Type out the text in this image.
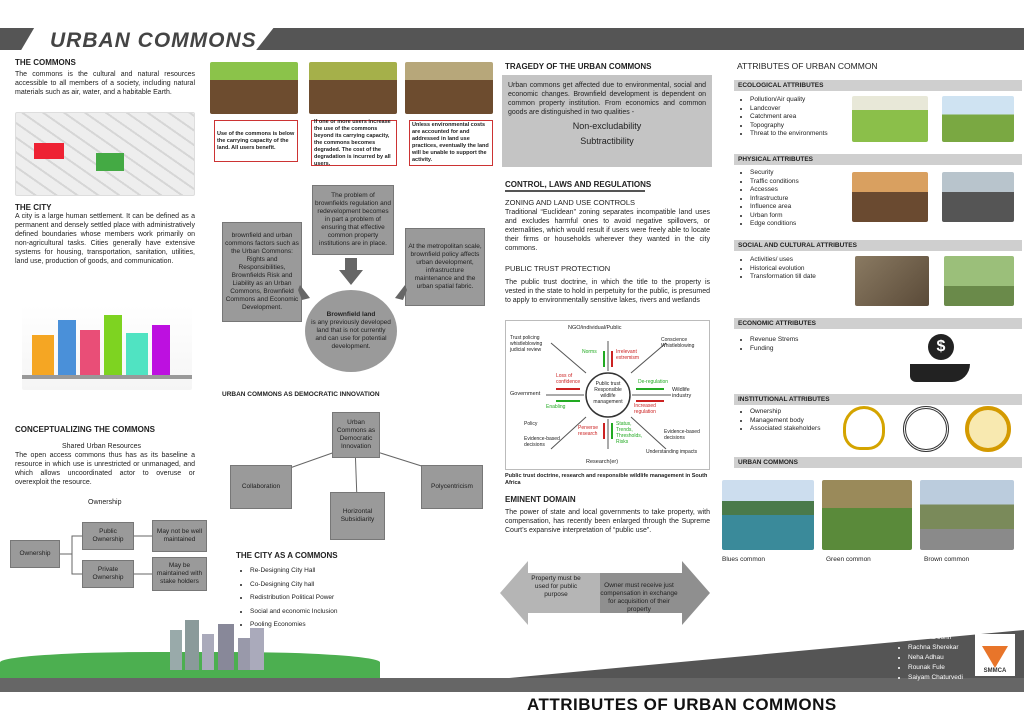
URBAN COMMONS
THE COMMONS
The commons is the cultural and natural resources accessible to all members of a society, including natural materials such as air, water, and a habitable Earth.
THE CITY
A city is a large human settlement. It can be defined as a permanent and densely settled place with administratively defined boundaries whose members work primarily on non-agricultural tasks. Cities generally have extensive systems for housing, transportation, sanitation, utilities, land use, production of goods, and communication.
CONCEPTUALIZING THE COMMONS
Shared Urban Resources
The open access commons thus has as its baseline a resource in which use is unrestricted or unmanaged, and which allows uncoordinated actor to overuse or overexploit the resource.
Ownership
Ownership
Public Ownership
Private Ownership
May not be well maintained
May be maintained with stake holders
Use of the commons is below the carrying capacity of the land. All users benefit.
If one or more users increase the use of the commons beyond its carrying capacity, the commons becomes degraded. The cost of the degradation is incurred by all users.
Unless environmental costs are accounted for and addressed in land use practices, eventually the land will be unable to support the activity.
The problem of brownfields regulation and redevelopment becomes in part a problem of ensuring that effective common property institutions are in place.
brownfield and urban commons factors such as the Urban Commons: Rights and Responsibilities, Brownfields Risk and Liability as an Urban Commons, Brownfield Commons and Economic Development.
At the metropolitan scale, brownfield policy affects urban development, infrastructure maintenance and the urban spatial fabric.
Brownfield land
is any previously developed land that is not currently and can use for potential development.
URBAN COMMONS AS DEMOCRATIC INNOVATION
Urban Commons as Democratic Innovation
Collaboration
Horizontal Subsidiarity
Polycentricism
THE CITY AS A COMMONS
• Re-Designing City Hall
• Co-Designing City hall
• Redistribution Political Power
• Social and economic Inclusion
• Pooling Economies
TRAGEDY OF THE URBAN COMMONS
Urban commons get affected due to environmental, social and economic changes. Brownfield development is dependent on common property institution. From economics and common goods are distinguished in two qualities -
Non-excludability
Subtractibility
CONTROL, LAWS AND REGULATIONS
ZONING AND LAND USE CONTROLS
Traditional “Euclidean” zoning separates incompatible land uses and excludes harmful ones to avoid negative spillovers, or externalities, which would result if users were freely able to locate their firms or households wherever they wanted in the city commons.
PUBLIC TRUST PROTECTION
The public trust doctrine, in which the title to the property is vested in the state to hold in perpetuity for the public, is presumed to apply to environmentally sensitive lakes, rivers and wetlands
NGO/individual/Public
Government
Wildlife industry
Research(er)
Public trust Responsible wildlife management
Trust policing whistleblowing judicial review
Conscience Whistleblowing
Policy
Evidence-based decisions
Evidence-based decisions
Understanding impacts
Norms	Irrelevant extremism
Loss of confidence
Enabling
De-regulation
Increased regulation
Perverse research
Status, Trends, Thresholds, Risks
Public trust doctrine, research and responsible wildlife management in South Africa
EMINENT DOMAIN
The power of state and local governments to take property, with compensation, has recently been enlarged through the Supreme Court’s expansive interpretation of “public use”.
Property must be used for public purpose
Owner must receive just compensation in exchange for acquisition of their property
ATTRIBUTES OF URBAN COMMON
ECOLOGICAL ATTRIBUTES
• Pollution/Air quality
• Landcover
• Catchment area
• Topography
• Threat to the environments
PHYSICAL ATTRIBUTES
• Security
• Traffic conditions
• Accesses
• Infrastructure
• Influence area
• Urban form
• Edge conditions
SOCIAL AND CULTURAL ATTRIBUTES
• Activities/ uses
• Historical evolution
• Transformation till date
ECONOMIC ATTRIBUTES
• Revenue Strems
• Funding	$
INSTITUTIONAL ATTRIBUTES
• Ownership
• Management body
• Associated stakeholders
URBAN COMMONS
Blues common	Green common	Brown common
ATTRIBUTES OF URBAN COMMONS
• Reewena John
• Rachna Sherekar
• Neha Adhau
• Rounak Fule
• Saiyam Chaturvedi
SMMCA
